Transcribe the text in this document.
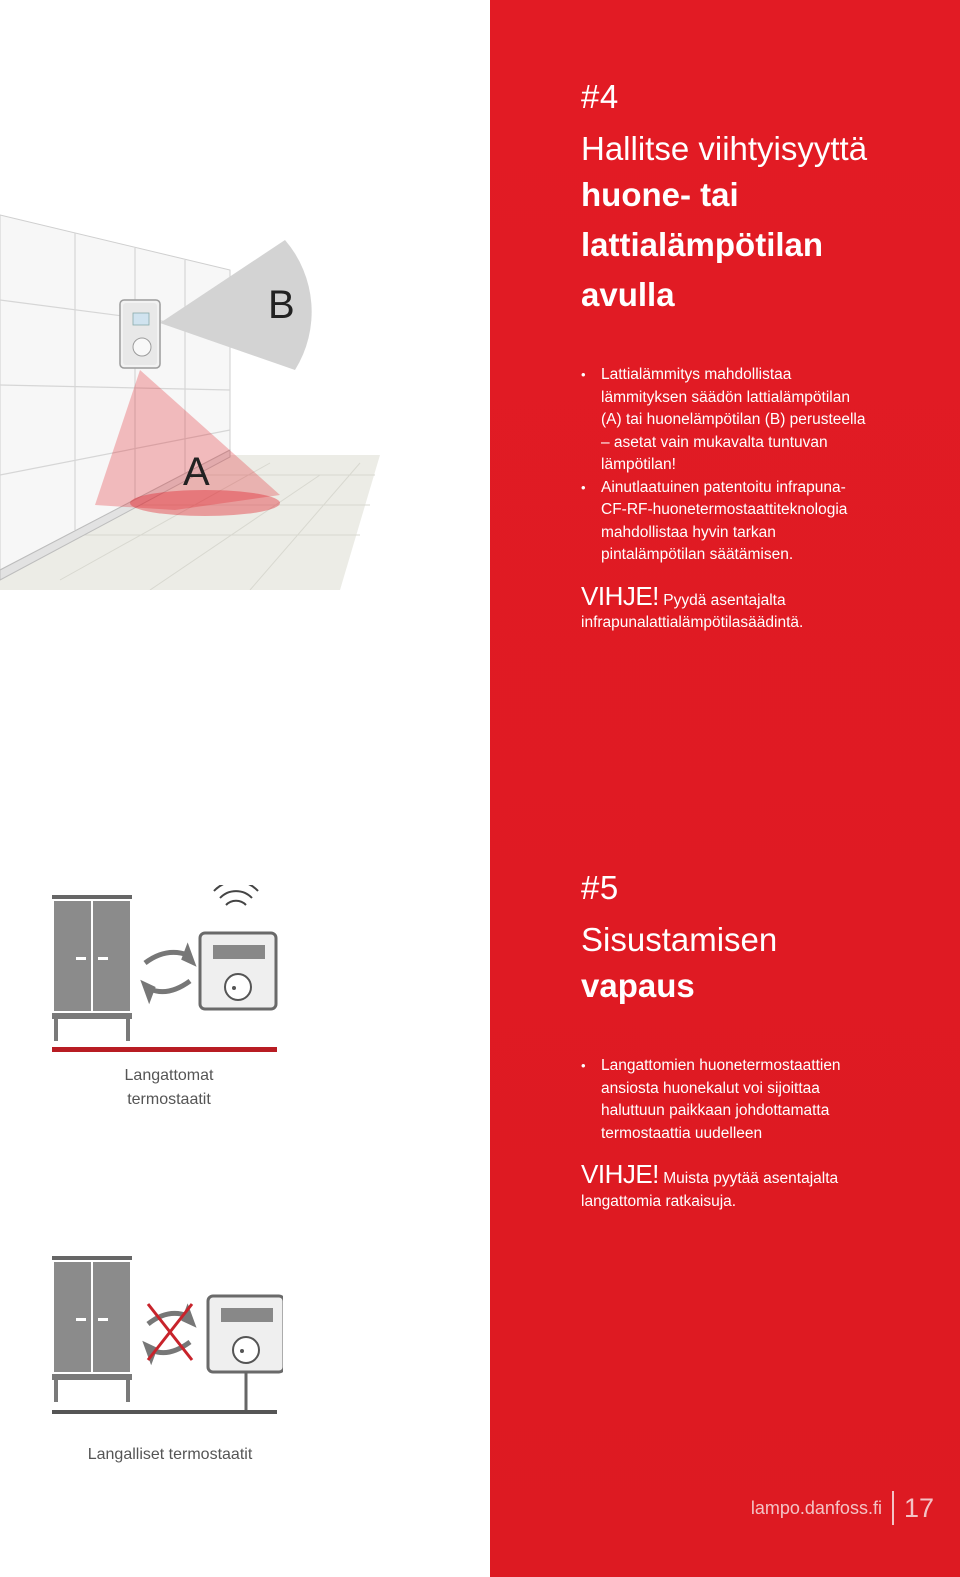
B
A
Langattomat termostaatit
Langalliset termostaatit
#4
Hallitse viihtyisyyttä
huone- tai
lattialämpötilan
avulla
• Lattialämmitys mahdollistaa lämmityksen säädön lattialämpötilan (A) tai huonelämpötilan (B) perusteella – asetat vain mukavalta tuntuvan lämpötilan!
• Ainutlaatuinen patentoitu infrapuna-CF-RF-huonetermostaattiteknologia mahdollistaa hyvin tarkan pintalämpötilan säätämisen.
VIHJE! Pyydä asentajalta infrapunalattialämpötilasäädintä.
#5
Sisustamisen
vapaus
• Langattomien huonetermostaattien ansiosta huonekalut voi sijoittaa haluttuun paikkaan johdottamatta termostaattia uudelleen
VIHJE! Muista pyytää asentajalta langattomia ratkaisuja.
lampo.danfoss.fi 17
